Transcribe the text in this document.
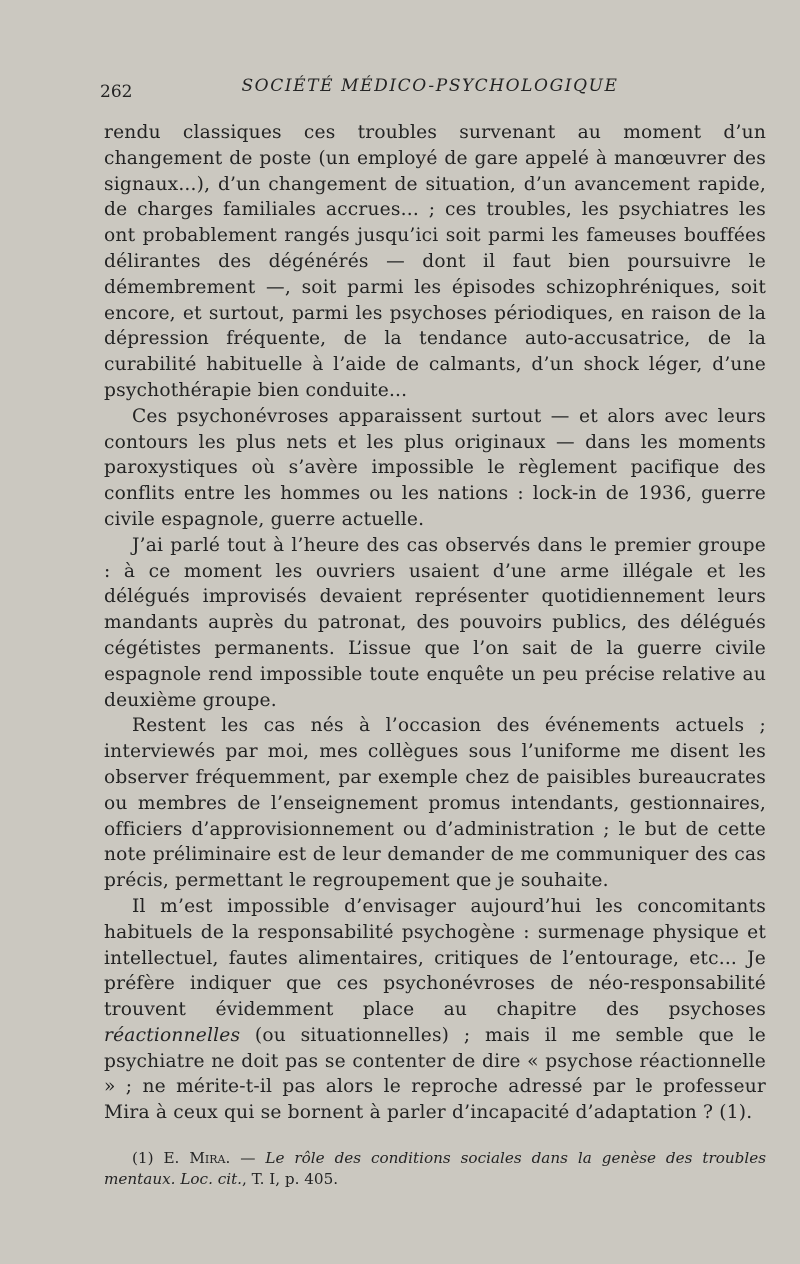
262	SOCIÉTÉ MÉDICO-PSYCHOLOGIQUE

rendu classiques ces troubles survenant au moment d’un changement de poste (un employé de gare appelé à manœuvrer des signaux...), d’un changement de situation, d’un avancement rapide, de charges familiales accrues... ; ces troubles, les psychiatres les ont probablement rangés jusqu’ici soit parmi les fameuses bouffées délirantes des dégénérés — dont il faut bien poursuivre le démembrement —, soit parmi les épisodes schizophréniques, soit encore, et surtout, parmi les psychoses périodiques, en raison de la dépression fréquente, de la tendance auto-accusatrice, de la curabilité habituelle à l’aide de calmants, d’un shock léger, d’une psychothérapie bien conduite...

Ces psychonévroses apparaissent surtout — et alors avec leurs contours les plus nets et les plus originaux — dans les moments paroxystiques où s’avère impossible le règlement pacifique des conflits entre les hommes ou les nations : lock-in de 1936, guerre civile espagnole, guerre actuelle.

J’ai parlé tout à l’heure des cas observés dans le premier groupe : à ce moment les ouvriers usaient d’une arme illégale et les délégués improvisés devaient représenter quotidiennement leurs mandants auprès du patronat, des pouvoirs publics, des délégués cégétistes permanents. L’issue que l’on sait de la guerre civile espagnole rend impossible toute enquête un peu précise relative au deuxième groupe.

Restent les cas nés à l’occasion des événements actuels ; interviewés par moi, mes collègues sous l’uniforme me disent les observer fréquemment, par exemple chez de paisibles bureaucrates ou membres de l’enseignement promus intendants, gestionnaires, officiers d’approvisionnement ou d’administration ; le but de cette note préliminaire est de leur demander de me communiquer des cas précis, permettant le regroupement que je souhaite.

Il m’est impossible d’envisager aujourd’hui les concomitants habituels de la responsabilité psychogène : surmenage physique et intellectuel, fautes alimentaires, critiques de l’entourage, etc... Je préfère indiquer que ces psychonévroses de néo-responsabilité trouvent évidemment place au chapitre des psychoses réactionnelles (ou situationnelles) ; mais il me semble que le psychiatre ne doit pas se contenter de dire « psychose réactionnelle » ; ne mérite-t-il pas alors le reproche adressé par le professeur Mira à ceux qui se bornent à parler d’incapacité d’adaptation ? (1).

(1) E. Mira. — Le rôle des conditions sociales dans la genèse des troubles mentaux. Loc. cit., T. I, p. 405.
